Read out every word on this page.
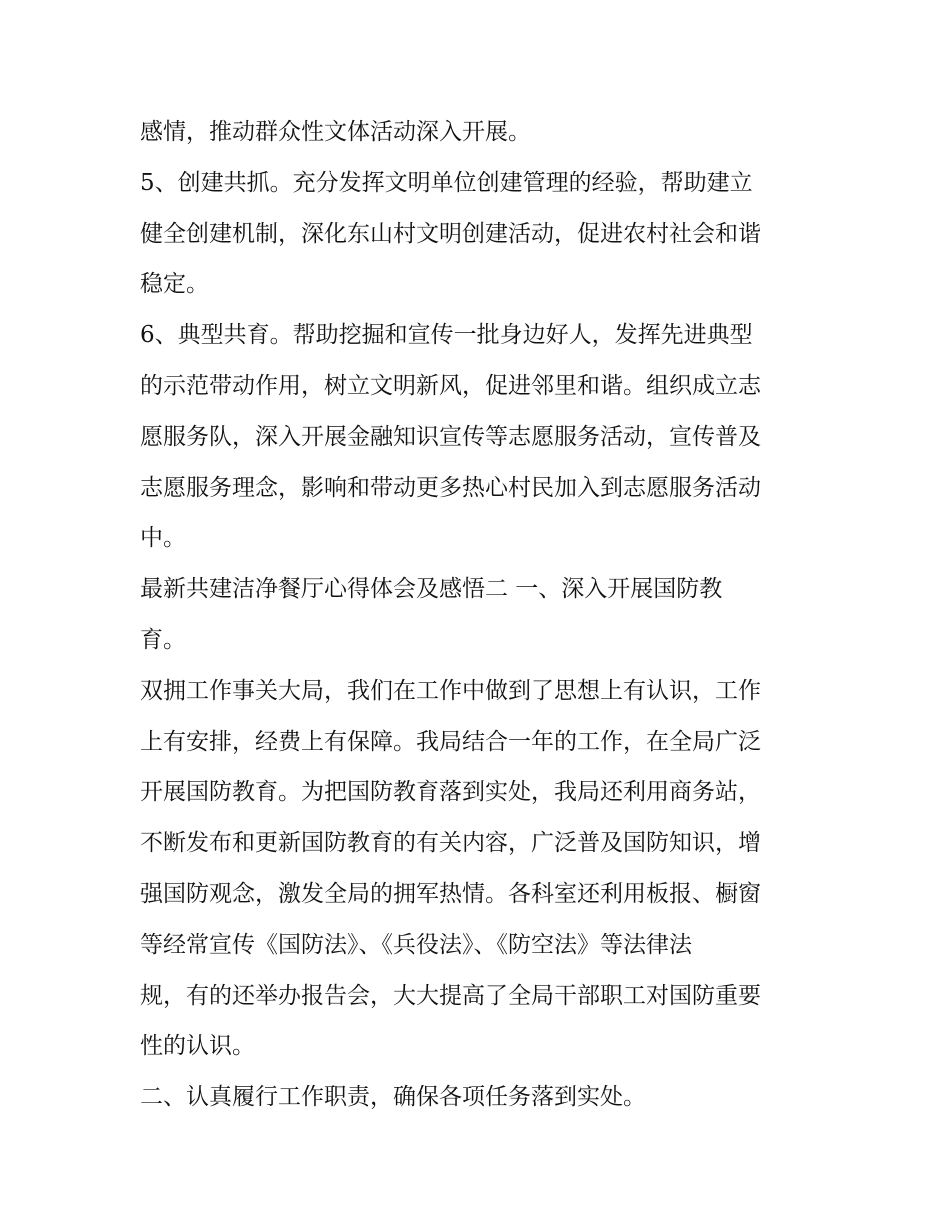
感情，推动群众性文体活动深入开展。
5、创建共抓。充分发挥文明单位创建管理的经验，帮助建立
健全创建机制，深化东山村文明创建活动，促进农村社会和谐
稳定。
6、典型共育。帮助挖掘和宣传一批身边好人，发挥先进典型
的示范带动作用，树立文明新风，促进邻里和谐。组织成立志
愿服务队，深入开展金融知识宣传等志愿服务活动，宣传普及
志愿服务理念，影响和带动更多热心村民加入到志愿服务活动
中。
最新共建洁净餐厅心得体会及感悟二 一、深入开展国防教
育。
双拥工作事关大局，我们在工作中做到了思想上有认识，工作
上有安排，经费上有保障。我局结合一年的工作，在全局广泛
开展国防教育。为把国防教育落到实处，我局还利用商务站，
不断发布和更新国防教育的有关内容，广泛普及国防知识，增
强国防观念，激发全局的拥军热情。各科室还利用板报、橱窗
等经常宣传《国防法》、《兵役法》、《防空法》等法律法
规，有的还举办报告会，大大提高了全局干部职工对国防重要
性的认识。
二、认真履行工作职责，确保各项任务落到实处。
